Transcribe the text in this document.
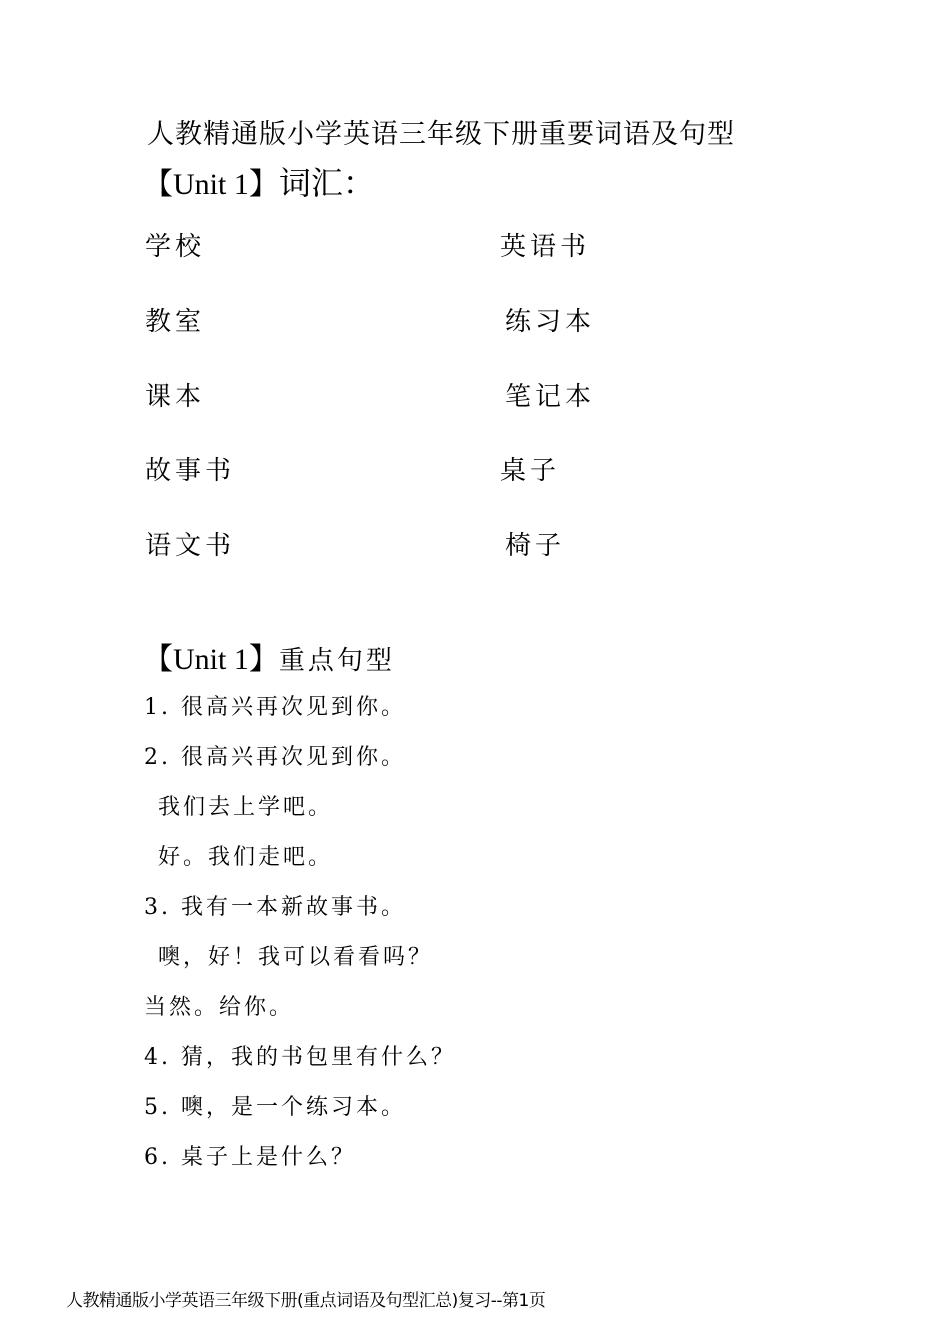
人教精通版小学英语三年级下册重要词语及句型
【Unit 1】词汇：
学校
教室
课本
故事书
语文书
英语书
练习本
笔记本
桌子
椅子
【Unit 1】重点句型
1. 很高兴再次见到你。
2. 很高兴再次见到你。
我们去上学吧。
好。我们走吧。
3. 我有一本新故事书。
噢，好！我可以看看吗？
当然。给你。
4. 猜，我的书包里有什么？
5. 噢，是一个练习本。
6. 桌子上是什么？
人教精通版小学英语三年级下册(重点词语及句型汇总)复习--第1页
